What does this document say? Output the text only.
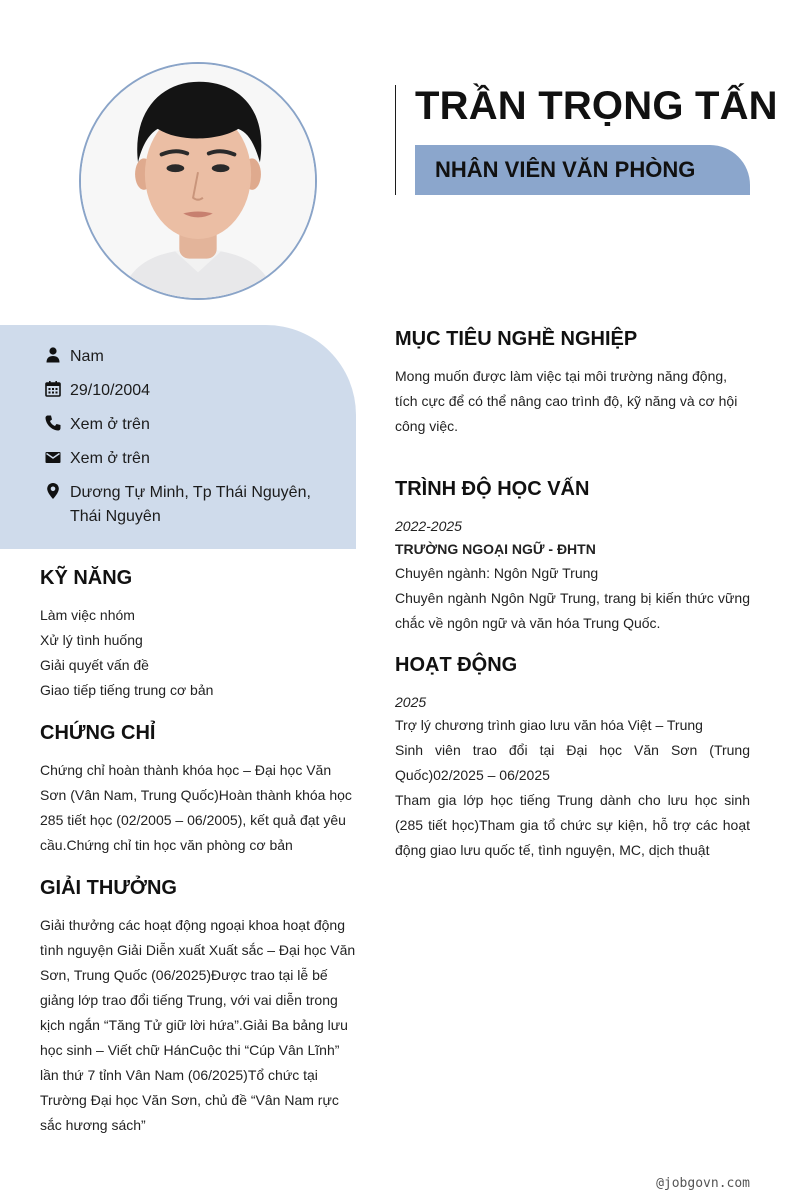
TRẦN TRỌNG TẤN
NHÂN VIÊN VĂN PHÒNG
Nam
29/10/2004
Xem ở trên
Xem ở trên
Dương Tự Minh, Tp Thái Nguyên, Thái Nguyên
KỸ NĂNG
Làm việc nhóm
Xử lý tình huống
Giải quyết vấn đề
Giao tiếp tiếng trung cơ bản
CHỨNG CHỈ
Chứng chỉ hoàn thành khóa học – Đại học Văn Sơn (Vân Nam, Trung Quốc)Hoàn thành khóa học 285 tiết học (02/2005 – 06/2005), kết quả đạt yêu cầu.Chứng chỉ tin học văn phòng cơ bản
GIẢI THƯỞNG
Giải thưởng các hoạt động ngoại khoa hoạt động tình nguyện Giải Diễn xuất Xuất sắc – Đại học Văn Sơn, Trung Quốc (06/2025)Được trao tại lễ bế giảng lớp trao đổi tiếng Trung, với vai diễn trong kịch ngắn “Tăng Tử giữ lời hứa”.Giải Ba bảng lưu học sinh – Viết chữ HánCuộc thi “Cúp Vân Lĩnh” lần thứ 7 tỉnh Vân Nam (06/2025)Tổ chức tại Trường Đại học Văn Sơn, chủ đề “Vân Nam rực sắc hương sách”
MỤC TIÊU NGHỀ NGHIỆP
Mong muốn được làm việc tại môi trường năng động, tích cực để có thể nâng cao trình độ, kỹ năng và cơ hội công việc.
TRÌNH ĐỘ HỌC VẤN
2022-2025
TRƯỜNG NGOẠI NGỮ - ĐHTN
Chuyên ngành: Ngôn Ngữ Trung
Chuyên ngành Ngôn Ngữ Trung, trang bị kiến thức vững chắc về ngôn ngữ và văn hóa Trung Quốc.
HOẠT ĐỘNG
2025
Trợ lý chương trình giao lưu văn hóa Việt – Trung
Sinh viên trao đổi tại Đại học Văn Sơn (Trung Quốc)02/2025 – 06/2025
Tham gia lớp học tiếng Trung dành cho lưu học sinh (285 tiết học)Tham gia tổ chức sự kiện, hỗ trợ các hoạt động giao lưu quốc tế, tình nguyện, MC, dịch thuật
@jobgovn.com
